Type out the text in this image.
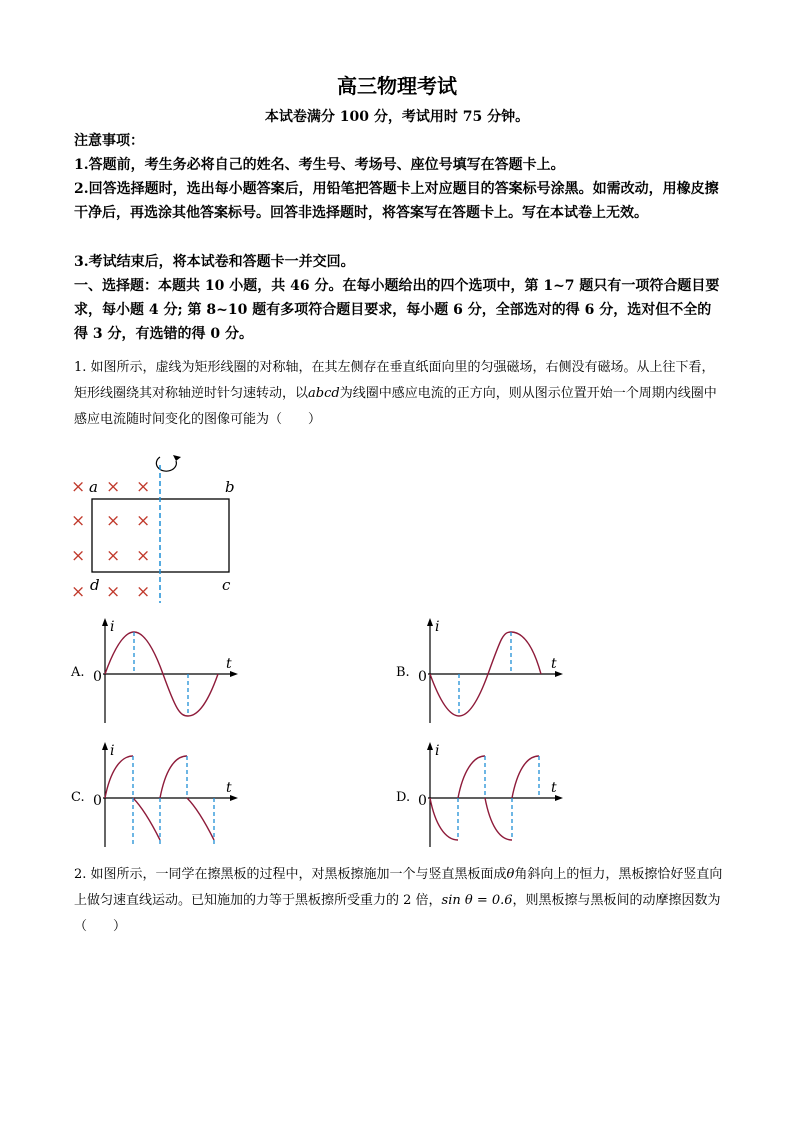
高三物理考试
本试卷满分 100 分，考试用时 75 分钟。
注意事项：
1.答题前，考生务必将自己的姓名、考生号、考场号、座位号填写在答题卡上。
2.回答选择题时，选出每小题答案后，用铅笔把答题卡上对应题目的答案标号涂黑。如需改动，用橡皮擦干净后，再选涂其他答案标号。回答非选择题时，将答案写在答题卡上。写在本试卷上无效。
3.考试结束后，将本试卷和答题卡一并交回。
一、选择题：本题共 10 小题，共 46 分。在每小题给出的四个选项中，第 1~7 题只有一项符合题目要求，每小题 4 分; 第 8~10 题有多项符合题目要求，每小题 6 分，全部选对的得 6 分，选对但不全的得 3 分，有选错的得 0 分。
1. 如图所示，虚线为矩形线圈的对称轴，在其左侧存在垂直纸面向里的匀强磁场，右侧没有磁场。从上往下看，矩形线圈绕其对称轴逆时针匀速转动，以abcd为线圈中感应电流的正方向，则从图示位置开始一个周期内线圈中感应电流随时间变化的图像可能为（　　）
× × ×
× × ×
× × ×
× × ×
a	b
c
d
A.
i
t
0	B.
i
t
0
C.
i
t
0	D.
i
t
0
2. 如图所示，一同学在擦黑板的过程中，对黑板擦施加一个与竖直黑板面成θ角斜向上的恒力，黑板擦恰好竖直向上做匀速直线运动。已知施加的力等于黑板擦所受重力的 2 倍，sin θ = 0.6，则黑板擦与黑板间的动摩擦因数为（　　）
